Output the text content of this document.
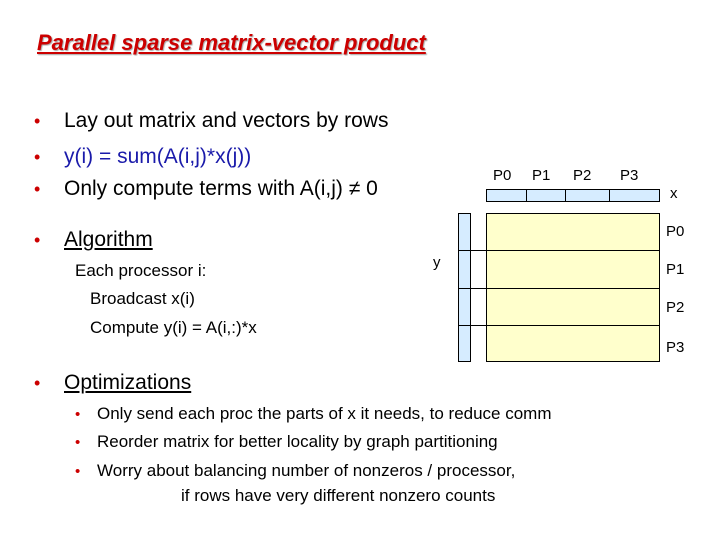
Parallel sparse matrix-vector product
• Lay out matrix and vectors by rows
• y(i) = sum(A(i,j)*x(j))
• Only compute terms with A(i,j) ≠ 0
• Algorithm
Each processor i:
Broadcast x(i)
Compute y(i) = A(i,:)*x
• Optimizations
• Only send each proc the parts of x it needs, to reduce comm
• Reorder matrix for better locality by graph partitioning
• Worry about balancing number of nonzeros / processor,
if rows have very different nonzero counts
P0 P1 P2 P3
x
y
P0
P1
P2
P3
